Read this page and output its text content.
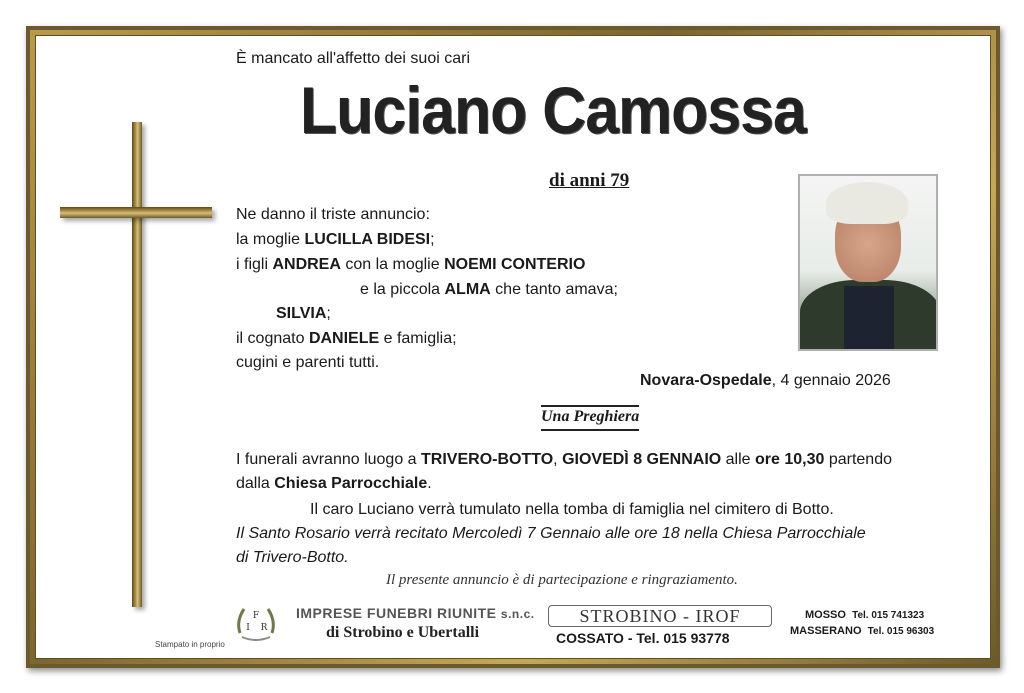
È mancato all'affetto dei suoi cari
Luciano Camossa
di anni 79
Ne danno il triste annuncio:
la moglie LUCILLA BIDESI;
i figli ANDREA con la moglie NOEMI CONTERIO
e la piccola ALMA che tanto amava;
SILVIA;
il cognato DANIELE e famiglia;
cugini e parenti tutti.
Novara-Ospedale, 4 gennaio 2026
Una Preghiera
I funerali avranno luogo a TRIVERO-BOTTO, GIOVEDÌ 8 GENNAIO alle ore 10,30 partendo
dalla Chiesa Parrocchiale.
Il caro Luciano verrà tumulato nella tomba di famiglia nel cimitero di Botto.
Il Santo Rosario verrà recitato Mercoledì 7 Gennaio alle ore 18 nella Chiesa Parrocchiale
di Trivero-Botto.
Il presente annuncio è di partecipazione e ringraziamento.
Stampato in proprio
F
I R
IMPRESE FUNEBRI RIUNITE s.n.c.
di Strobino e Ubertalli
STROBINO - IROF
COSSATO - Tel. 015 93778
MOSSO Tel. 015 741323
MASSERANO Tel. 015 96303
